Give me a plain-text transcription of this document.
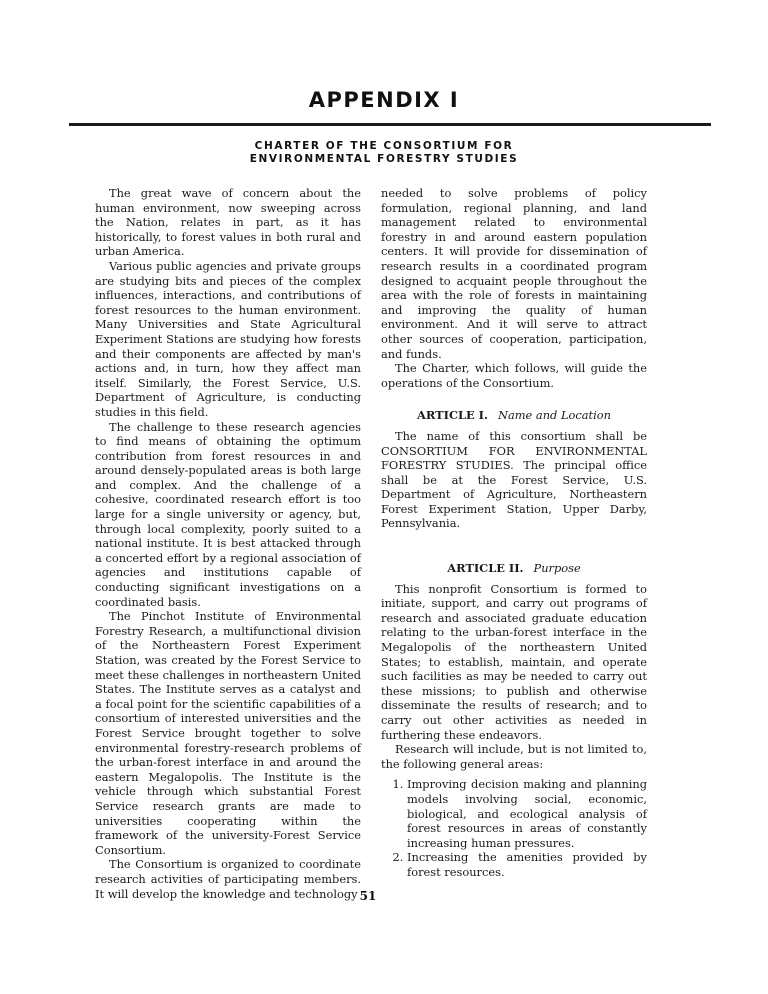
APPENDIX I
CHARTER OF THE CONSORTIUM FOR
ENVIRONMENTAL FORESTRY STUDIES

The great wave of concern about the human environment, now sweeping across the Nation, relates in part, as it has historically, to forest values in both rural and urban America.

Various public agencies and private groups are studying bits and pieces of the complex influences, interactions, and contributions of forest resources to the human environment. Many Universities and State Agricultural Experiment Stations are studying how forests and their components are affected by man's actions and, in turn, how they affect man itself. Similarly, the Forest Service, U.S. Department of Agriculture, is conducting studies in this field.

The challenge to these research agencies to find means of obtaining the optimum contribution from forest resources in and around densely-populated areas is both large and complex. And the challenge of a cohesive, coordinated research effort is too large for a single university or agency, but, through local complexity, poorly suited to a national institute. It is best attacked through a concerted effort by a regional association of agencies and institutions capable of conducting significant investigations on a coordinated basis.

The Pinchot Institute of Environmental Forestry Research, a multifunctional division of the Northeastern Forest Experiment Station, was created by the Forest Service to meet these challenges in northeastern United States. The Institute serves as a catalyst and a focal point for the scientific capabilities of a consortium of interested universities and the Forest Service brought together to solve environmental forestry-research problems of the urban-forest interface in and around the eastern Megalopolis. The Institute is the vehicle through which substantial Forest Service research grants are made to universities cooperating within the framework of the university-Forest Service Consortium.

The Consortium is organized to coordinate research activities of participating members. It will develop the knowledge and technology

needed to solve problems of policy formulation, regional planning, and land management related to environmental forestry in and around eastern population centers. It will provide for dissemination of research results in a coordinated program designed to acquaint people throughout the area with the role of forests in maintaining and improving the quality of human environment. And it will serve to attract other sources of cooperation, participation, and funds.

The Charter, which follows, will guide the operations of the Consortium.

ARTICLE I. Name and Location

The name of this consortium shall be CONSORTIUM FOR ENVIRONMENTAL FORESTRY STUDIES. The principal office shall be at the Forest Service, U.S. Department of Agriculture, Northeastern Forest Experiment Station, Upper Darby, Pennsylvania.

ARTICLE II. Purpose

This nonprofit Consortium is formed to initiate, support, and carry out programs of research and associated graduate education relating to the urban-forest interface in the Megalopolis of the northeastern United States; to establish, maintain, and operate such facilities as may be needed to carry out these missions; to publish and otherwise disseminate the results of research; and to carry out other activities as needed in furthering these endeavors.

Research will include, but is not limited to, the following general areas:

1. Improving decision making and planning models involving social, economic, biological, and ecological analysis of forest resources in areas of constantly increasing human pressures.
2. Increasing the amenities provided by forest resources.
51
